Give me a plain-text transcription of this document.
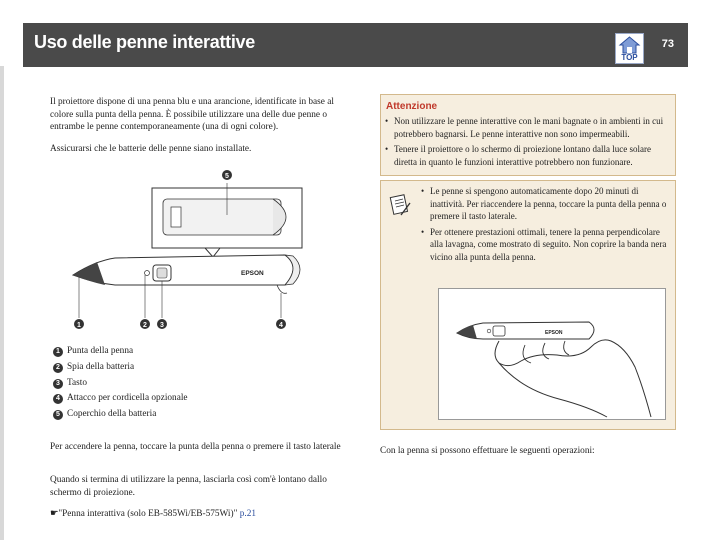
Uso delle penne interattive	73
TOP

Il proiettore dispone di una penna blu e una arancione, identificate in base al colore sulla punta della penna. È possibile utilizzare una delle due penne o entrambe le penne contemporaneamente (una di ogni colore).

Assicurarsi che le batterie delle penne siano installate.

EPSON
1	2 3	4
5
1 Punta della penna
2 Spia della batteria
3 Tasto
4 Attacco per cordicella opzionale
5 Coperchio della batteria

Per accendere la penna, toccare la punta della penna o premere il tasto laterale

Quando si termina di utilizzare la penna, lasciarla così com'è lontano dallo schermo di proiezione.

☛"Penna interattiva (solo EB-585Wi/EB-575Wi)" p.21

Attenzione
• Non utilizzare le penne interattive con le mani bagnate o in ambienti in cui potrebbero bagnarsi. Le penne interattive non sono impermeabili.
• Tenere il proiettore o lo schermo di proiezione lontano dalla luce solare diretta in quanto le funzioni interattive potrebbero non funzionare.
• Le penne si spengono automaticamente dopo 20 minuti di inattività. Per riaccendere la penna, toccare la punta della penna o premere il tasto laterale.
• Per ottenere prestazioni ottimali, tenere la penna perpendicolare alla lavagna, come mostrato di seguito. Non coprire la banda nera vicino alla punta della penna.
EPSON

Con la penna si possono effettuare le seguenti operazioni:
